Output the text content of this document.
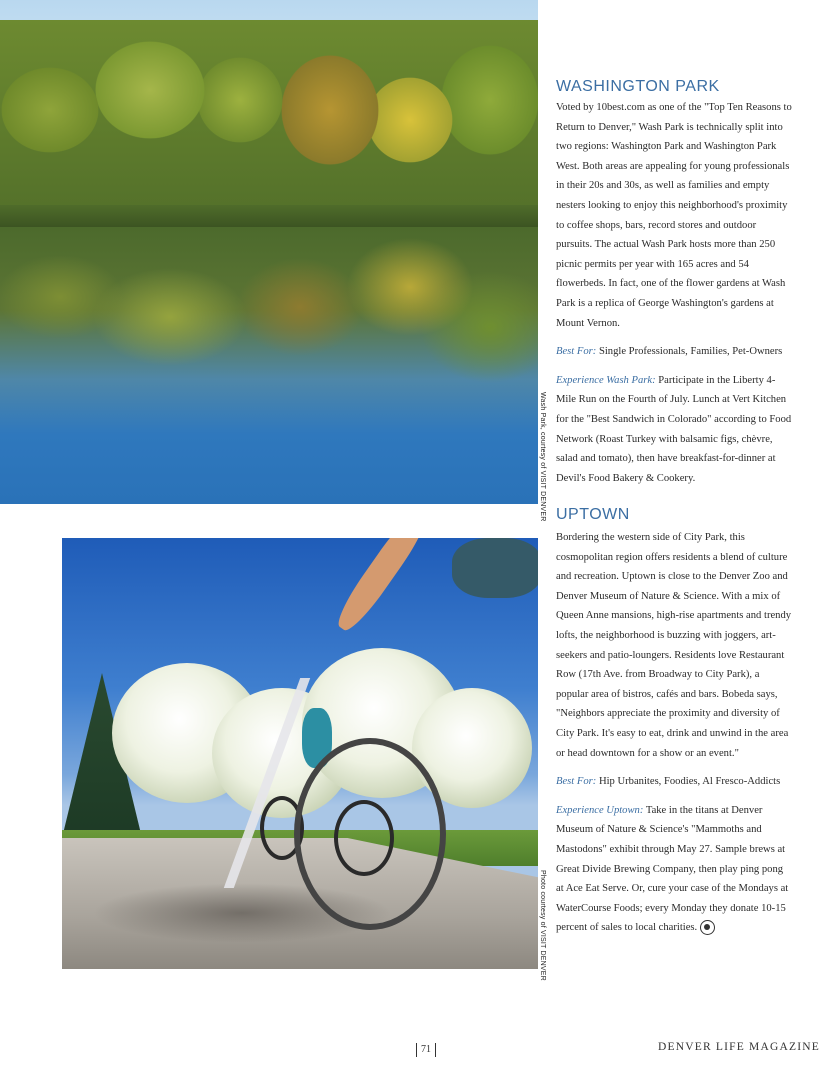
Wash Park, courtesy of VISIT DENVER
Photo courtesy of VISIT DENVER
WASHINGTON PARK

Voted by 10best.com as one of the "Top Ten Reasons to Return to Denver," Wash Park is technically split into two regions: Washington Park and Washington Park West. Both areas are appealing for young professionals in their 20s and 30s, as well as families and empty nesters looking to enjoy this neighborhood's proximity to coffee shops, bars, record stores and outdoor pursuits. The actual Wash Park hosts more than 250 picnic permits per year with 165 acres and 54 flowerbeds. In fact, one of the flower gardens at Wash Park is a replica of George Washington's gardens at Mount Vernon.

Best For: Single Professionals, Families, Pet-Owners

Experience Wash Park: Participate in the Liberty 4-Mile Run on the Fourth of July. Lunch at Vert Kitchen for the "Best Sandwich in Colorado" according to Food Network (Roast Turkey with balsamic figs, chèvre, salad and tomato), then have breakfast-for-dinner at Devil's Food Bakery & Cookery.

UPTOWN

Bordering the western side of City Park, this cosmopolitan region offers residents a blend of culture and recreation. Uptown is close to the Denver Zoo and Denver Museum of Nature & Science. With a mix of Queen Anne mansions, high-rise apartments and trendy lofts, the neighborhood is buzzing with joggers, art-seekers and patio-loungers. Residents love Restaurant Row (17th Ave. from Broadway to City Park), a popular area of bistros, cafés and bars. Bobeda says, "Neighbors appreciate the proximity and diversity of City Park. It's easy to eat, drink and unwind in the area or head downtown for a show or an event."

Best For: Hip Urbanites, Foodies, Al Fresco-Addicts

Experience Uptown: Take in the titans at Denver Museum of Nature & Science's "Mammoths and Mastodons" exhibit through May 27. Sample brews at Great Divide Brewing Company, then play ping pong at Ace Eat Serve. Or, cure your case of the Mondays at WaterCourse Foods; every Monday they donate 10-15 percent of sales to local charities.

71	DENVER LIFE MAGAZINE
